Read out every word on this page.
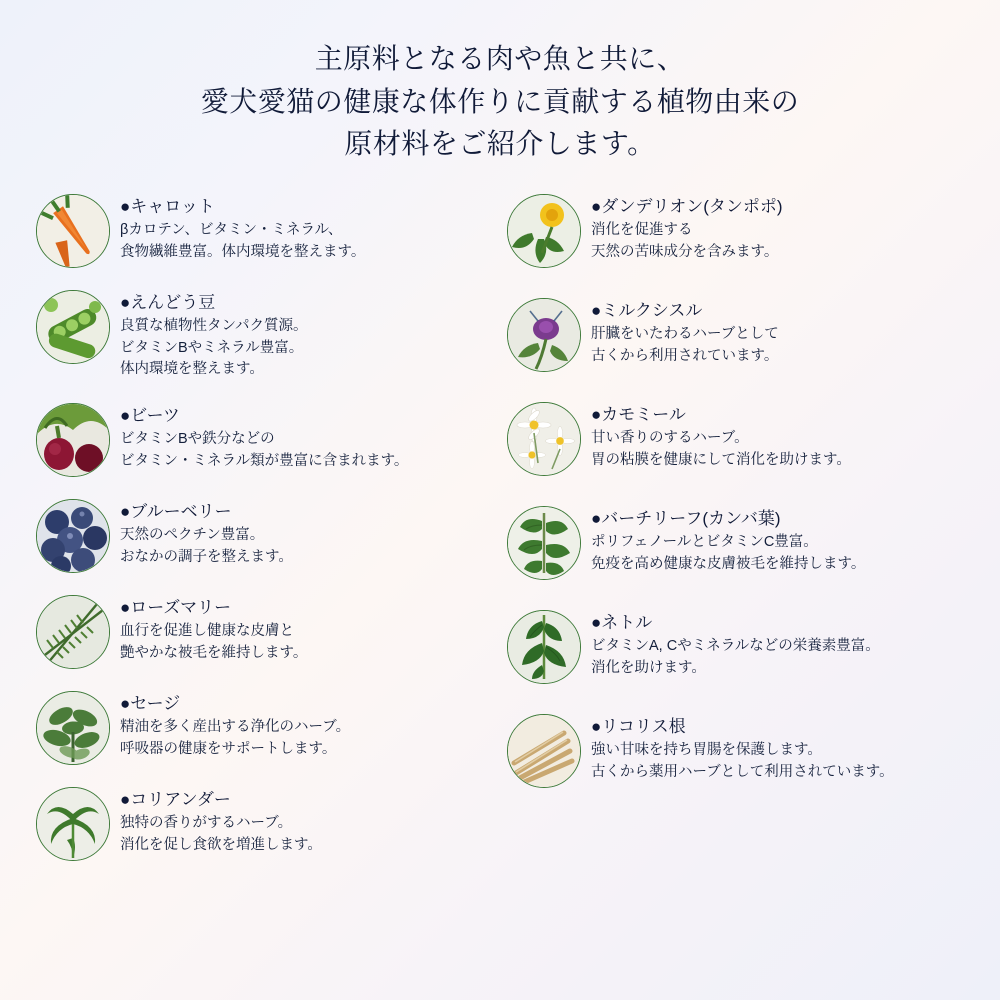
主原料となる肉や魚と共に、
愛犬愛猫の健康な体作りに貢献する植物由来の
原材料をご紹介します。
●キャロット
βカロテン、ビタミン・ミネラル、
食物繊維豊富。体内環境を整えます。
●えんどう豆
良質な植物性タンパク質源。
ビタミンBやミネラル豊富。
体内環境を整えます。
●ビーツ
ビタミンBや鉄分などの
ビタミン・ミネラル類が豊富に含まれます。
●ブルーベリー
天然のペクチン豊富。
おなかの調子を整えます。
●ローズマリー
血行を促進し健康な皮膚と
艶やかな被毛を維持します。
●セージ
精油を多く産出する浄化のハーブ。
呼吸器の健康をサポートします。
●コリアンダー
独特の香りがするハーブ。
消化を促し食欲を増進します。
●ダンデリオン(タンポポ)
消化を促進する
天然の苦味成分を含みます。
●ミルクシスル
肝臓をいたわるハーブとして
古くから利用されています。
●カモミール
甘い香りのするハーブ。
胃の粘膜を健康にして消化を助けます。
●バーチリーフ(カンバ葉)
ポリフェノールとビタミンC豊富。
免疫を高め健康な皮膚被毛を維持します。
●ネトル
ビタミンA, Cやミネラルなどの栄養素豊富。
消化を助けます。
●リコリス根
強い甘味を持ち胃腸を保護します。
古くから薬用ハーブとして利用されています。
